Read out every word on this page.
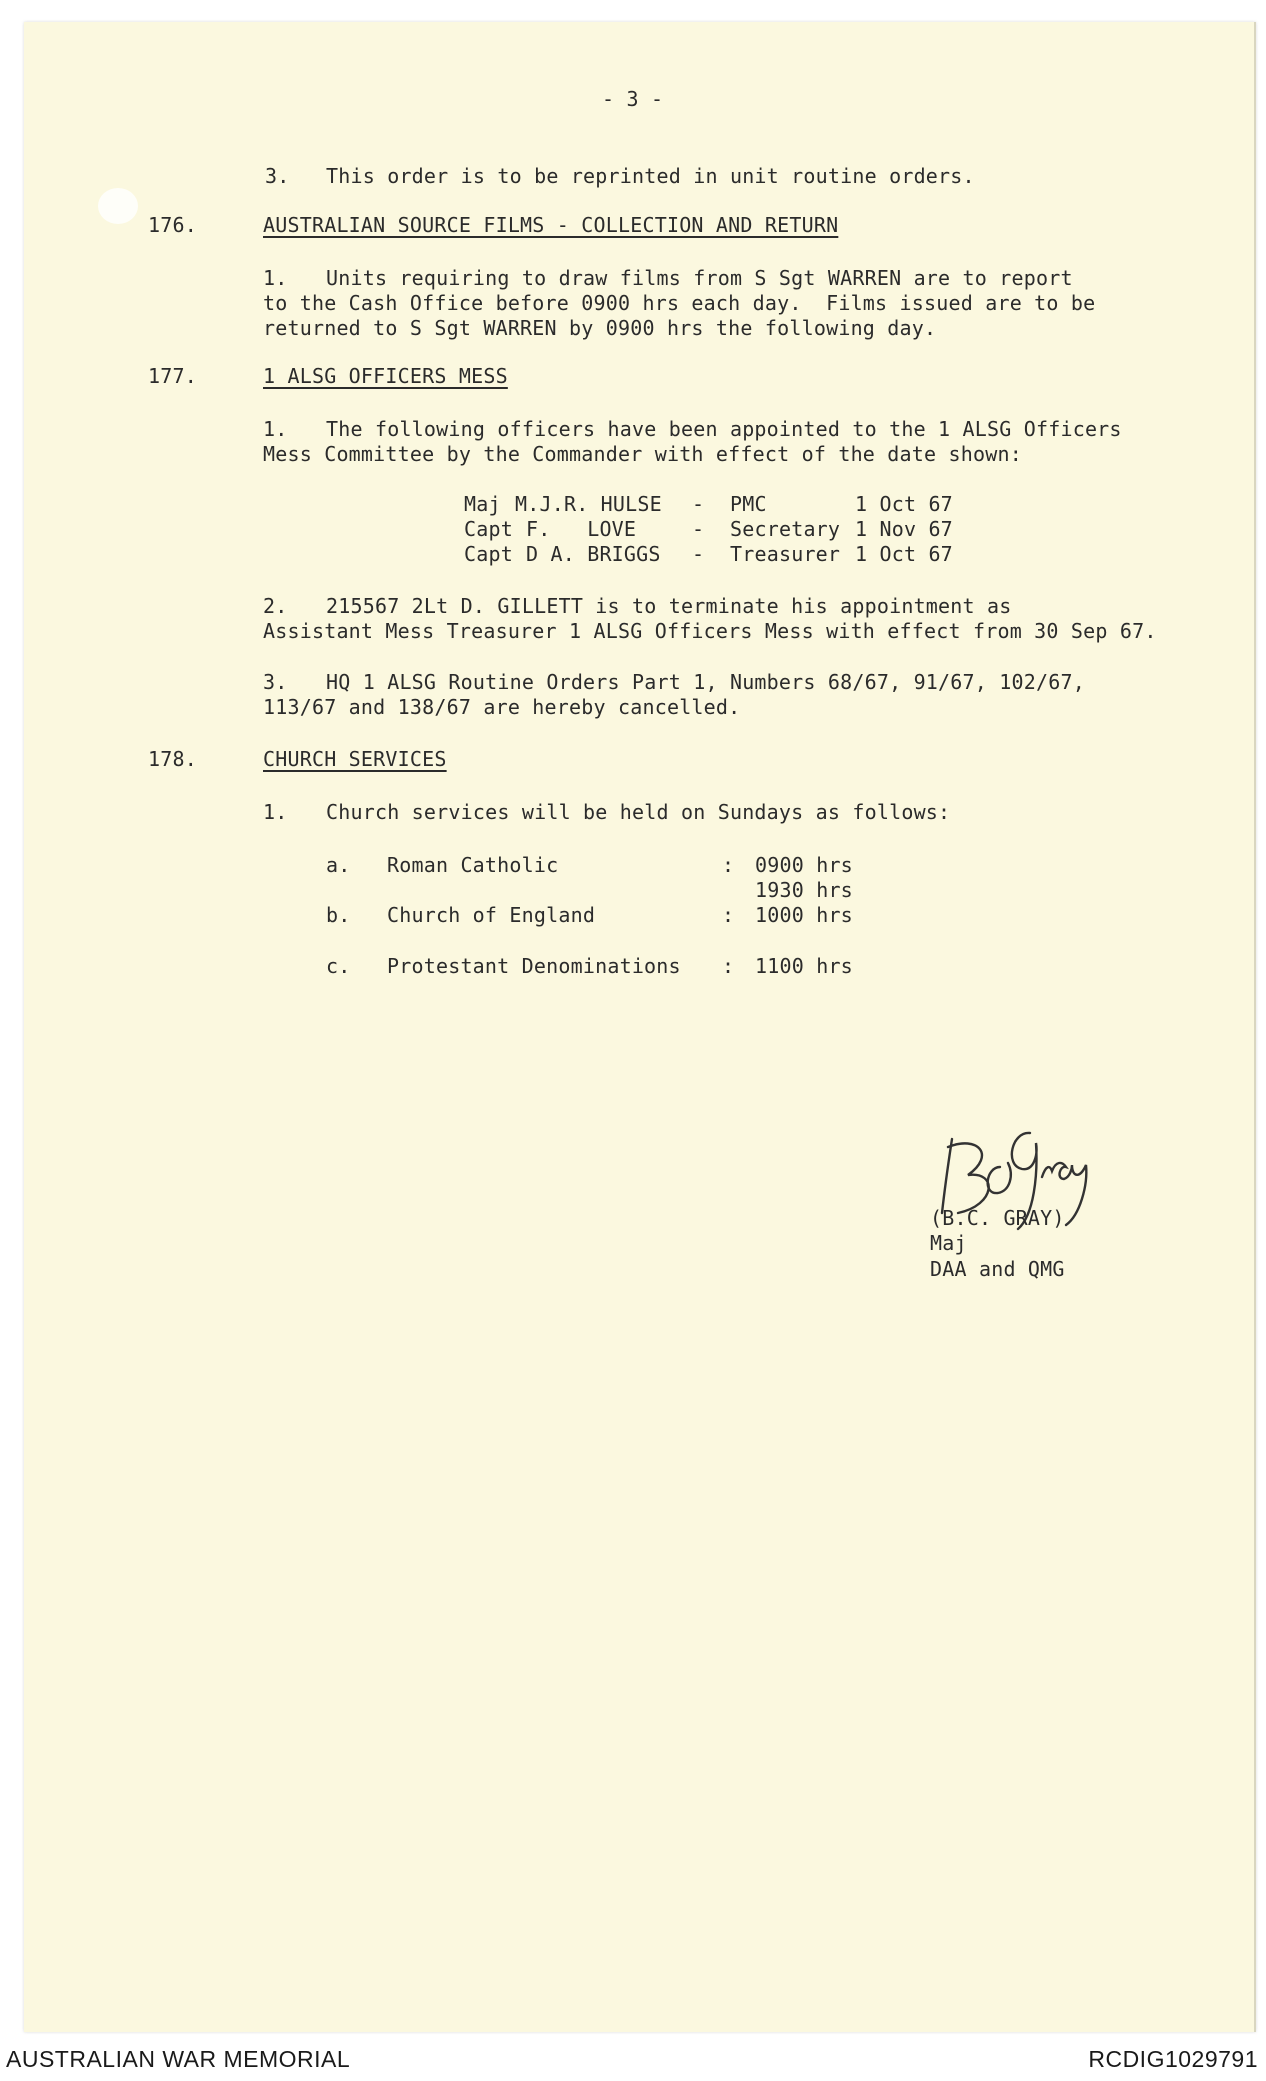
- 3 -
3. This order is to be reprinted in unit routine orders.
176.	AUSTRALIAN SOURCE FILMS - COLLECTION AND RETURN
1. Units requiring to draw films from S Sgt WARREN are to report
to the Cash Office before 0900 hrs each day.  Films issued are to be
returned to S Sgt WARREN by 0900 hrs the following day.
177.	1 ALSG OFFICERS MESS
1. The following officers have been appointed to the 1 ALSG Officers
Mess Committee by the Commander with effect of the date shown:
Maj M.J.R. HULSE - PMC	1 Oct 67
Capt F.   LOVE	- Secretary 1 Nov 67
Capt D A. BRIGGS - Treasurer 1 Oct 67
2. 215567 2Lt D. GILLETT is to terminate his appointment as
Assistant Mess Treasurer 1 ALSG Officers Mess with effect from 30 Sep 67.
3. HQ 1 ALSG Routine Orders Part 1, Numbers 68/67, 91/67, 102/67,
113/67 and 138/67 are hereby cancelled.
178.	CHURCH SERVICES
1. Church services will be held on Sundays as follows:
a. Roman Catholic	: 0900 hrs
1930 hrs
b. Church of England	: 1000 hrs
c. Protestant Denominations : 1100 hrs
(B.C. GRAY)
Maj
DAA and QMG
AUSTRALIAN WAR MEMORIAL	RCDIG1029791
